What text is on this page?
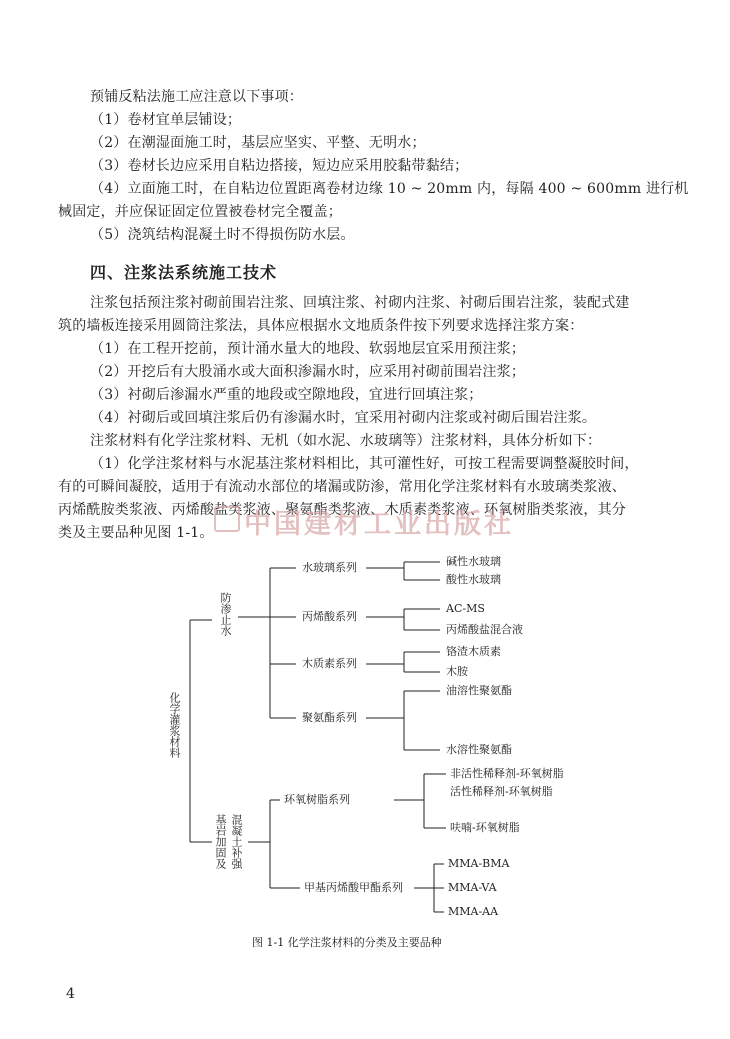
预铺反粘法施工应注意以下事项：
（1）卷材宜单层铺设；
（2）在潮湿面施工时，基层应坚实、平整、无明水；
（3）卷材长边应采用自粘边搭接，短边应采用胶黏带黏结；
（4）立面施工时，在自粘边位置距离卷材边缘 10 ~ 20mm 内，每隔 400 ~ 600mm 进行机
械固定，并应保证固定位置被卷材完全覆盖；
（5）浇筑结构混凝土时不得损伤防水层。
四、注浆法系统施工技术
注浆包括预注浆衬砌前围岩注浆、回填注浆、衬砌内注浆、衬砌后围岩注浆，装配式建
筑的墙板连接采用圆筒注浆法，具体应根据水文地质条件按下列要求选择注浆方案：
（1）在工程开挖前，预计涌水量大的地段、软弱地层宜采用预注浆；
（2）开挖后有大股涌水或大面积渗漏水时，应采用衬砌前围岩注浆；
（3）衬砌后渗漏水严重的地段或空隙地段，宜进行回填注浆；
（4）衬砌后或回填注浆后仍有渗漏水时，宜采用衬砌内注浆或衬砌后围岩注浆。
注浆材料有化学注浆材料、无机（如水泥、水玻璃等）注浆材料，具体分析如下：
（1）化学注浆材料与水泥基注浆材料相比，其可灌性好，可按工程需要调整凝胶时间，
有的可瞬间凝胶，适用于有流动水部位的堵漏或防渗，常用化学注浆材料有水玻璃类浆液、
丙烯酰胺类浆液、丙烯酸盐类浆液、聚氨酯类浆液、木质素类浆液、环氧树脂类浆液，其分
类及主要品种见图 1-1。	中国建材工业出版社
化学灌浆材料
防渗止水
混凝土补强
基岩加固及
水玻璃系列
丙烯酸系列
木质素系列
聚氨酯系列
环氧树脂系列
甲基丙烯酸甲酯系列
碱性水玻璃
酸性水玻璃
AC-MS
丙烯酸盐混合液
铬渣木质素
木胺
油溶性聚氨酯
水溶性聚氨酯
非活性稀释剂-环氧树脂
活性稀释剂-环氧树脂
呋喃-环氧树脂
MMA-BMA
MMA-VA
MMA-AA
图 1-1 化学注浆材料的分类及主要品种
4
